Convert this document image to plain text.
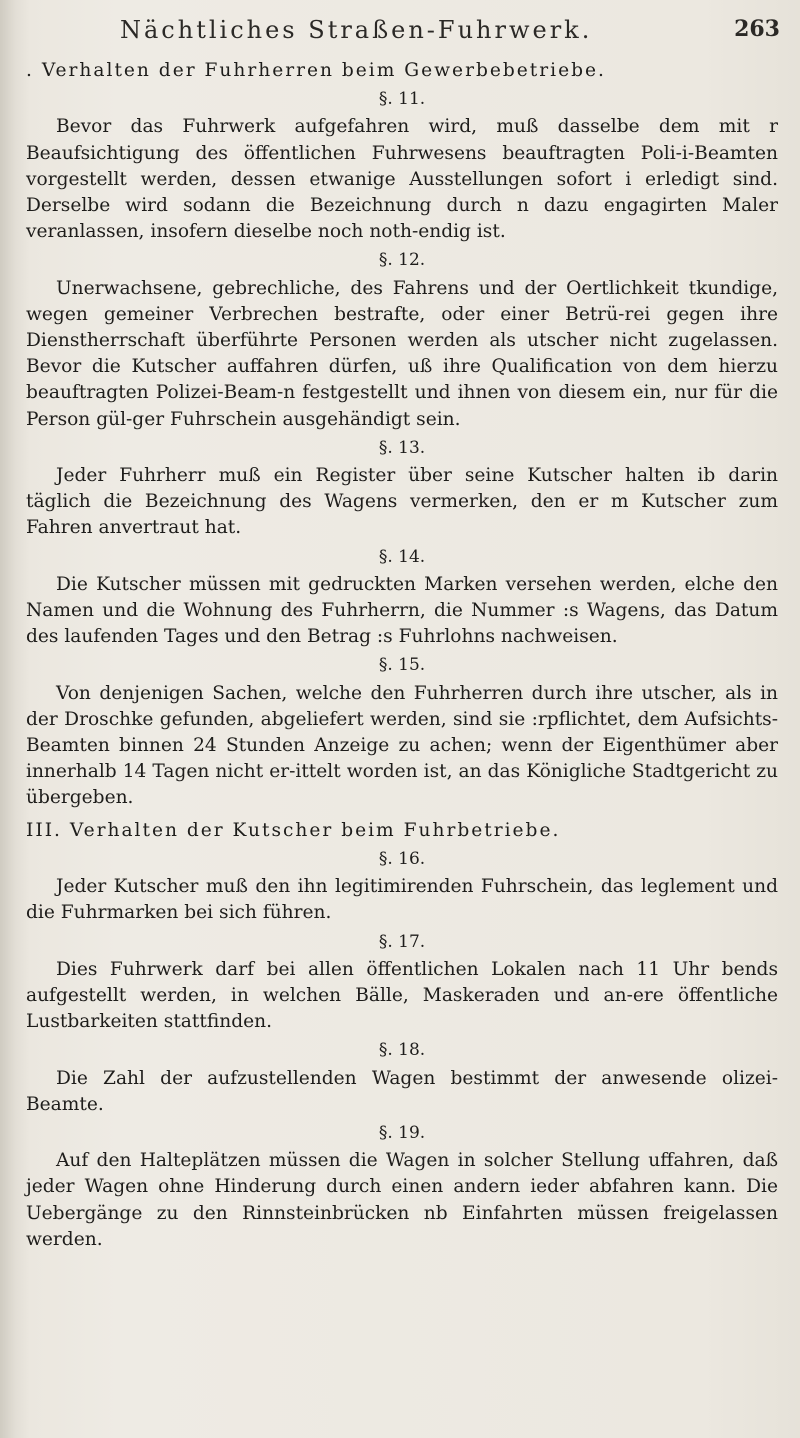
Nächtliches Straßen-Fuhrwerk.	263

. Verhalten der Fuhrherren beim Gewerbebetriebe.

§. 11.

Bevor das Fuhrwerk aufgefahren wird, muß dasselbe dem mit r Beaufsichtigung des öffentlichen Fuhrwesens beauftragten Poli-i-Beamten vorgestellt werden, dessen etwanige Ausstellungen sofort i erledigt sind. Derselbe wird sodann die Bezeichnung durch n dazu engagirten Maler veranlassen, insofern dieselbe noch noth-endig ist.

§. 12.

Unerwachsene, gebrechliche, des Fahrens und der Oertlichkeit tkundige, wegen gemeiner Verbrechen bestrafte, oder einer Betrü-rei gegen ihre Dienstherrschaft überführte Personen werden als utscher nicht zugelassen. Bevor die Kutscher auffahren dürfen, uß ihre Qualification von dem hierzu beauftragten Polizei-Beam-n festgestellt und ihnen von diesem ein, nur für die Person gül-ger Fuhrschein ausgehändigt sein.

§. 13.

Jeder Fuhrherr muß ein Register über seine Kutscher halten ib darin täglich die Bezeichnung des Wagens vermerken, den er m Kutscher zum Fahren anvertraut hat.

§. 14.

Die Kutscher müssen mit gedruckten Marken versehen werden, elche den Namen und die Wohnung des Fuhrherrn, die Nummer :s Wagens, das Datum des laufenden Tages und den Betrag :s Fuhrlohns nachweisen.

§. 15.

Von denjenigen Sachen, welche den Fuhrherren durch ihre utscher, als in der Droschke gefunden, abgeliefert werden, sind sie :rpflichtet, dem Aufsichts-Beamten binnen 24 Stunden Anzeige zu achen; wenn der Eigenthümer aber innerhalb 14 Tagen nicht er-ittelt worden ist, an das Königliche Stadtgericht zu übergeben.

III. Verhalten der Kutscher beim Fuhrbetriebe.

§. 16.

Jeder Kutscher muß den ihn legitimirenden Fuhrschein, das leglement und die Fuhrmarken bei sich führen.

§. 17.

Dies Fuhrwerk darf bei allen öffentlichen Lokalen nach 11 Uhr bends aufgestellt werden, in welchen Bälle, Maskeraden und an-ere öffentliche Lustbarkeiten stattfinden.

§. 18.

Die Zahl der aufzustellenden Wagen bestimmt der anwesende olizei-Beamte.

§. 19.

Auf den Halteplätzen müssen die Wagen in solcher Stellung uffahren, daß jeder Wagen ohne Hinderung durch einen andern ieder abfahren kann. Die Uebergänge zu den Rinnsteinbrücken nb Einfahrten müssen freigelassen werden.
